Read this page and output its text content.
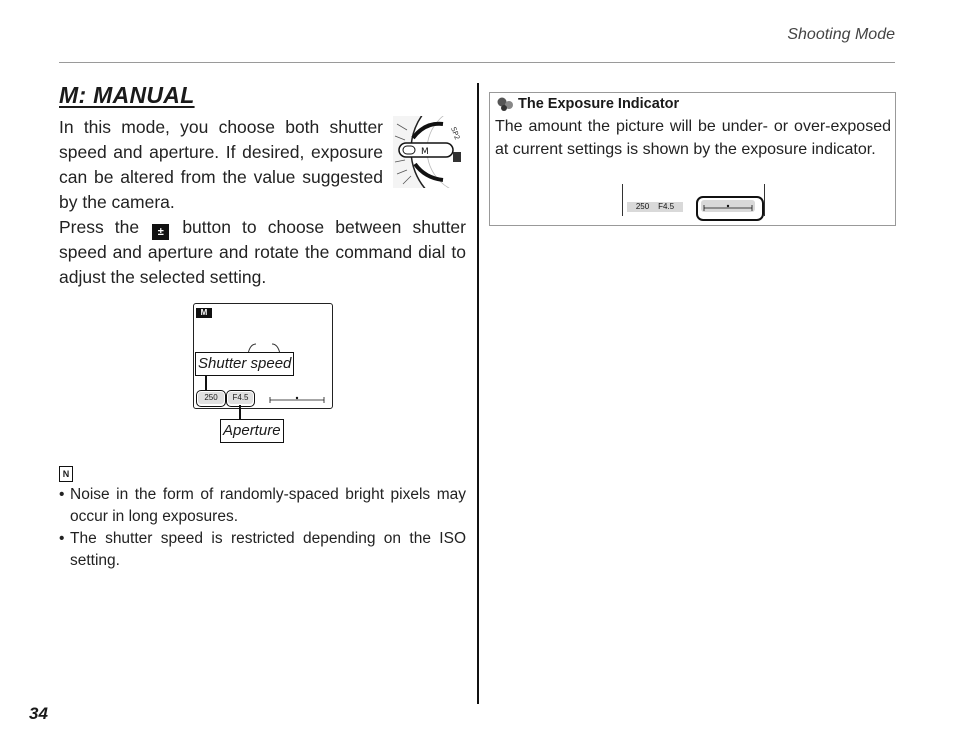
Shooting Mode
M: MANUAL
In this mode, you choose both shutter speed and aperture. If desired, exposure can be altered from the value suggested by the camera.
M
SP2
Press the ± button to choose between shutter speed and aperture and rotate the command dial to adjust the selected setting.
M
Shutter speed
250	F4.5
Aperture
N
• Noise in the form of randomly-spaced bright pixels may occur in long exposures.
• The shutter speed is restricted depending on the ISO setting.
34
The Exposure Indicator
The amount the picture will be under- or over-exposed at current settings is shown by the exposure indicator.
250 F4.5
